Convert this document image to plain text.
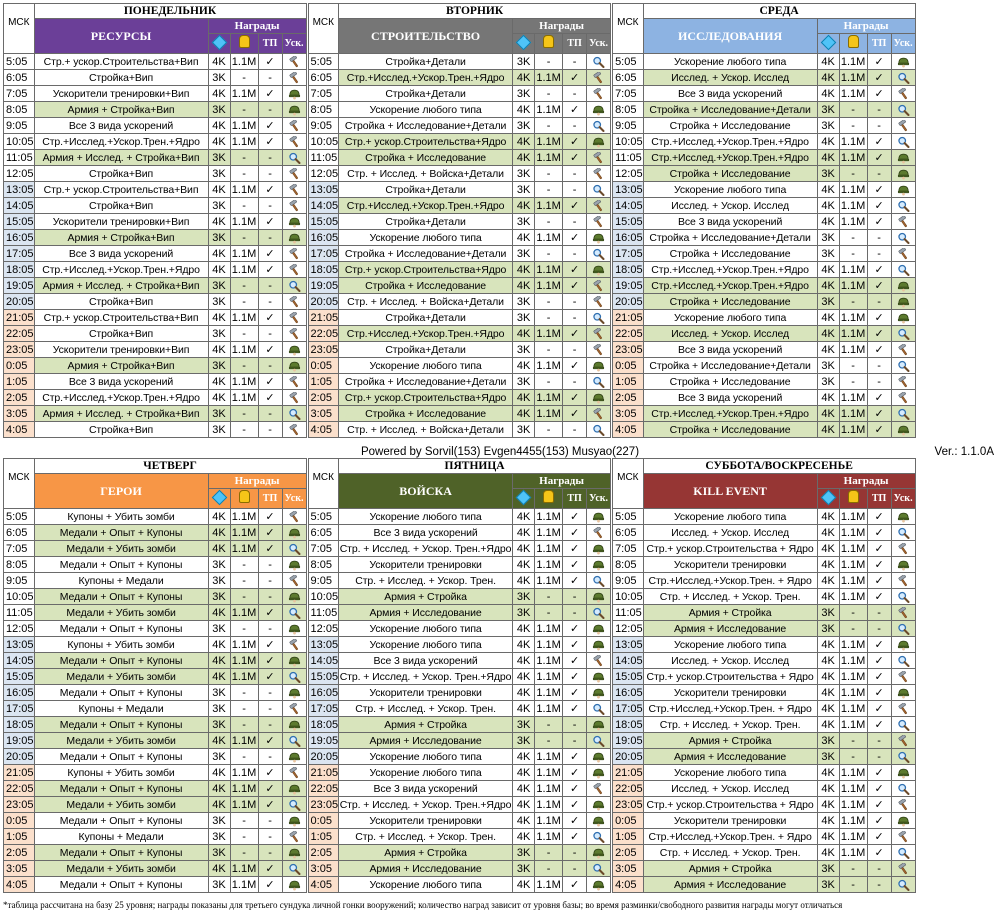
МСК	ПОНЕДЕЛЬНИК				
	РЕСУРСЫ	Награды			
				ТП	Уск.
5:05	Стр.+ ускор.Строительства+Вип	4K	1.1M	✓	
6:05	Стройка+Вип	3K	-	-	
7:05	Ускорители тренировки+Вип	4K	1.1M	✓	
8:05	Армия + Стройка+Вип	3K	-	-	
9:05	Все 3 вида ускорений	4K	1.1M	✓	
10:05	Стр.+Исслед.+Ускор.Трен.+Ядро	4K	1.1M	✓	
11:05	Армия + Исслед. + Стройка+Вип	3K	-	-	
12:05	Стройка+Вип	3K	-	-	
13:05	Стр.+ ускор.Строительства+Вип	4K	1.1M	✓	
14:05	Стройка+Вип	3K	-	-	
15:05	Ускорители тренировки+Вип	4K	1.1M	✓	
16:05	Армия + Стройка+Вип	3K	-	-	
17:05	Все 3 вида ускорений	4K	1.1M	✓	
18:05	Стр.+Исслед.+Ускор.Трен.+Ядро	4K	1.1M	✓	
19:05	Армия + Исслед. + Стройка+Вип	3K	-	-	
20:05	Стройка+Вип	3K	-	-	
21:05	Стр.+ ускор.Строительства+Вип	4K	1.1M	✓	
22:05	Стройка+Вип	3K	-	-	
23:05	Ускорители тренировки+Вип	4K	1.1M	✓	
0:05	Армия + Стройка+Вип	3K	-	-	
1:05	Все 3 вида ускорений	4K	1.1M	✓	
2:05	Стр.+Исслед.+Ускор.Трен.+Ядро	4K	1.1M	✓	
3:05	Армия + Исслед. + Стройка+Вип	3K	-	-	
4:05	Стройка+Вип	3K	-	-	
МСК	ВТОРНИК				
	СТРОИТЕЛЬСТВО	Награды			
				ТП	Уск.
5:05	Стройка+Детали	3K	-	-	
6:05	Стр.+Исслед.+Ускор.Трен.+Ядро	4K	1.1M	✓	
7:05	Стройка+Детали	3K	-	-	
8:05	Ускорение любого типа	4K	1.1M	✓	
9:05	Стройка + Исследование+Детали	3K	-	-	
10:05	Стр.+ ускор.Строительства+Ядро	4K	1.1M	✓	
11:05	Стройка + Исследование	4K	1.1M	✓	
12:05	Стр. + Исслед. + Войска+Детали	3K	-	-	
13:05	Стройка+Детали	3K	-	-	
14:05	Стр.+Исслед.+Ускор.Трен.+Ядро	4K	1.1M	✓	
15:05	Стройка+Детали	3K	-	-	
16:05	Ускорение любого типа	4K	1.1M	✓	
17:05	Стройка + Исследование+Детали	3K	-	-	
18:05	Стр.+ ускор.Строительства+Ядро	4K	1.1M	✓	
19:05	Стройка + Исследование	4K	1.1M	✓	
20:05	Стр. + Исслед. + Войска+Детали	3K	-	-	
21:05	Стройка+Детали	3K	-	-	
22:05	Стр.+Исслед.+Ускор.Трен.+Ядро	4K	1.1M	✓	
23:05	Стройка+Детали	3K	-	-	
0:05	Ускорение любого типа	4K	1.1M	✓	
1:05	Стройка + Исследование+Детали	3K	-	-	
2:05	Стр.+ ускор.Строительства+Ядро	4K	1.1M	✓	
3:05	Стройка + Исследование	4K	1.1M	✓	
4:05	Стр. + Исслед. + Войска+Детали	3K	-	-	
МСК	СРЕДА				
	ИССЛЕДОВАНИЯ	Награды			
				ТП	Уск.
5:05	Ускорение любого типа	4K	1.1M	✓	
6:05	Исслед. + Ускор. Исслед	4K	1.1M	✓	
7:05	Все 3 вида ускорений	4K	1.1M	✓	
8:05	Стройка + Исследование+Детали	3K	-	-	
9:05	Стройка + Исследование	3K	-	-	
10:05	Стр.+Исслед.+Ускор.Трен.+Ядро	4K	1.1M	✓	
11:05	Стр.+Исслед.+Ускор.Трен.+Ядро	4K	1.1M	✓	
12:05	Стройка + Исследование	3K	-	-	
13:05	Ускорение любого типа	4K	1.1M	✓	
14:05	Исслед. + Ускор. Исслед	4K	1.1M	✓	
15:05	Все 3 вида ускорений	4K	1.1M	✓	
16:05	Стройка + Исследование+Детали	3K	-	-	
17:05	Стройка + Исследование	3K	-	-	
18:05	Стр.+Исслед.+Ускор.Трен.+Ядро	4K	1.1M	✓	
19:05	Стр.+Исслед.+Ускор.Трен.+Ядро	4K	1.1M	✓	
20:05	Стройка + Исследование	3K	-	-	
21:05	Ускорение любого типа	4K	1.1M	✓	
22:05	Исслед. + Ускор. Исслед	4K	1.1M	✓	
23:05	Все 3 вида ускорений	4K	1.1M	✓	
0:05	Стройка + Исследование+Детали	3K	-	-	
1:05	Стройка + Исследование	3K	-	-	
2:05	Все 3 вида ускорений	4K	1.1M	✓	
3:05	Стр.+Исслед.+Ускор.Трен.+Ядро	4K	1.1M	✓	
4:05	Стройка + Исследование	4K	1.1M	✓	
Powered by Sorvil(153) Evgen4455(153) Musyao(227)	Ver.: 1.1.0A
МСК	ЧЕТВЕРГ				
	ГЕРОИ	Награды			
				ТП	Уск.
5:05	Купоны + Убить зомби	4K	1.1M	✓	
6:05	Медали + Опыт + Купоны	4K	1.1M	✓	
7:05	Медали + Убить зомби	4K	1.1M	✓	
8:05	Медали + Опыт + Купоны	3K	-	-	
9:05	Купоны + Медали	3K	-	-	
10:05	Медали + Опыт + Купоны	3K	-	-	
11:05	Медали + Убить зомби	4K	1.1M	✓	
12:05	Медали + Опыт + Купоны	3K	-	-	
13:05	Купоны + Убить зомби	4K	1.1M	✓	
14:05	Медали + Опыт + Купоны	4K	1.1M	✓	
15:05	Медали + Убить зомби	4K	1.1M	✓	
16:05	Медали + Опыт + Купоны	3K	-	-	
17:05	Купоны + Медали	3K	-	-	
18:05	Медали + Опыт + Купоны	3K	-	-	
19:05	Медали + Убить зомби	4K	1.1M	✓	
20:05	Медали + Опыт + Купоны	3K	-	-	
21:05	Купоны + Убить зомби	4K	1.1M	✓	
22:05	Медали + Опыт + Купоны	4K	1.1M	✓	
23:05	Медали + Убить зомби	4K	1.1M	✓	
0:05	Медали + Опыт + Купоны	3K	-	-	
1:05	Купоны + Медали	3K	-	-	
2:05	Медали + Опыт + Купоны	3K	-	-	
3:05	Медали + Убить зомби	4K	1.1M	✓	
4:05	Медали + Опыт + Купоны	3K	1.1M	✓	
МСК	ПЯТНИЦА				
	ВОЙСКА	Награды			
				ТП	Уск.
5:05	Ускорение любого типа	4K	1.1M	✓	
6:05	Все 3 вида ускорений	4K	1.1M	✓	
7:05	Стр. + Исслед. + Ускор. Трен.+Ядро	4K	1.1M	✓	
8:05	Ускорители тренировки	4K	1.1M	✓	
9:05	Стр. + Исслед. + Ускор. Трен.	4K	1.1M	✓	
10:05	Армия + Стройка	3K	-	-	
11:05	Армия + Исследование	3K	-	-	
12:05	Ускорение любого типа	4K	1.1M	✓	
13:05	Ускорение любого типа	4K	1.1M	✓	
14:05	Все 3 вида ускорений	4K	1.1M	✓	
15:05	Стр. + Исслед. + Ускор. Трен.+Ядро	4K	1.1M	✓	
16:05	Ускорители тренировки	4K	1.1M	✓	
17:05	Стр. + Исслед. + Ускор. Трен.	4K	1.1M	✓	
18:05	Армия + Стройка	3K	-	-	
19:05	Армия + Исследование	3K	-	-	
20:05	Ускорение любого типа	4K	1.1M	✓	
21:05	Ускорение любого типа	4K	1.1M	✓	
22:05	Все 3 вида ускорений	4K	1.1M	✓	
23:05	Стр. + Исслед. + Ускор. Трен.+Ядро	4K	1.1M	✓	
0:05	Ускорители тренировки	4K	1.1M	✓	
1:05	Стр. + Исслед. + Ускор. Трен.	4K	1.1M	✓	
2:05	Армия + Стройка	3K	-	-	
3:05	Армия + Исследование	3K	-	-	
4:05	Ускорение любого типа	4K	1.1M	✓	
МСК	СУББОТА/ВОСКРЕСЕНЬЕ				
	KILL EVENT	Награды			
				ТП	Уск.
5:05	Ускорение любого типа	4K	1.1M	✓	
6:05	Исслед. + Ускор. Исслед	4K	1.1M	✓	
7:05	Стр.+ ускор.Строительства + Ядро	4K	1.1M	✓	
8:05	Ускорители тренировки	4K	1.1M	✓	
9:05	Стр.+Исслед.+Ускор.Трен. + Ядро	4K	1.1M	✓	
10:05	Стр. + Исслед. + Ускор. Трен.	4K	1.1M	✓	
11:05	Армия + Стройка	3K	-	-	
12:05	Армия + Исследование	3K	-	-	
13:05	Ускорение любого типа	4K	1.1M	✓	
14:05	Исслед. + Ускор. Исслед	4K	1.1M	✓	
15:05	Стр.+ ускор.Строительства + Ядро	4K	1.1M	✓	
16:05	Ускорители тренировки	4K	1.1M	✓	
17:05	Стр.+Исслед.+Ускор.Трен. + Ядро	4K	1.1M	✓	
18:05	Стр. + Исслед. + Ускор. Трен.	4K	1.1M	✓	
19:05	Армия + Стройка	3K	-	-	
20:05	Армия + Исследование	3K	-	-	
21:05	Ускорение любого типа	4K	1.1M	✓	
22:05	Исслед. + Ускор. Исслед	4K	1.1M	✓	
23:05	Стр.+ ускор.Строительства + Ядро	4K	1.1M	✓	
0:05	Ускорители тренировки	4K	1.1M	✓	
1:05	Стр.+Исслед.+Ускор.Трен. + Ядро	4K	1.1M	✓	
2:05	Стр. + Исслед. + Ускор. Трен.	4K	1.1M	✓	
3:05	Армия + Стройка	3K	-	-	
4:05	Армия + Исследование	3K	-	-	
*таблица рассчитана на базу 25 уровня; награды показаны для третьего сундука личной гонки вооружений; количество наград зависит от уровня базы; во время разминки/свободного развития награды могут отличаться
